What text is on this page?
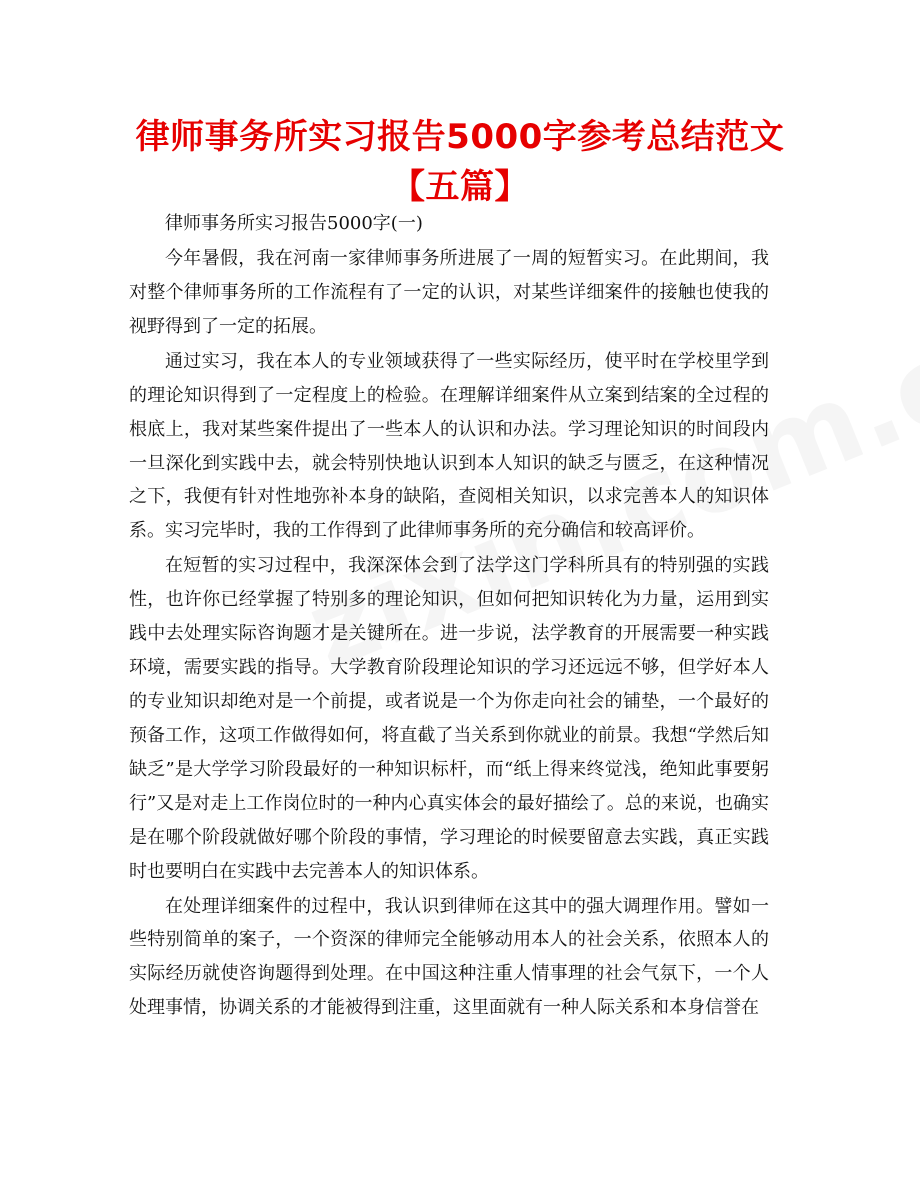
律师事务所实习报告5000字参考总结范文【五篇】

律师事务所实习报告5000字(一)

今年暑假，我在河南一家律师事务所进展了一周的短暂实习。在此期间，我对整个律师事务所的工作流程有了一定的认识，对某些详细案件的接触也使我的视野得到了一定的拓展。

通过实习，我在本人的专业领域获得了一些实际经历，使平时在学校里学到的理论知识得到了一定程度上的检验。在理解详细案件从立案到结案的全过程的根底上，我对某些案件提出了一些本人的认识和办法。学习理论知识的时间段内一旦深化到实践中去，就会特别快地认识到本人知识的缺乏与匮乏，在这种情况之下，我便有针对性地弥补本身的缺陷，查阅相关知识，以求完善本人的知识体系。实习完毕时，我的工作得到了此律师事务所的充分确信和较高评价。

在短暂的实习过程中，我深深体会到了法学这门学科所具有的特别强的实践性，也许你已经掌握了特别多的理论知识，但如何把知识转化为力量，运用到实践中去处理实际咨询题才是关键所在。进一步说，法学教育的开展需要一种实践环境，需要实践的指导。大学教育阶段理论知识的学习还远远不够，但学好本人的专业知识却绝对是一个前提，或者说是一个为你走向社会的铺垫，一个最好的预备工作，这项工作做得如何，将直截了当关系到你就业的前景。我想“学然后知缺乏”是大学学习阶段最好的一种知识标杆，而“纸上得来终觉浅，绝知此事要躬行”又是对走上工作岗位时的一种内心真实体会的最好描绘了。总的来说，也确实是在哪个阶段就做好哪个阶段的事情，学习理论的时候要留意去实践，真正实践时也要明白在实践中去完善本人的知识体系。

在处理详细案件的过程中，我认识到律师在这其中的强大调理作用。譬如一些特别简单的案子，一个资深的律师完全能够动用本人的社会关系，依照本人的实际经历就使咨询题得到处理。在中国这种注重人情事理的社会气氛下，一个人处理事情，协调关系的才能被得到注重，这里面就有一种人际关系和本身信誉在
